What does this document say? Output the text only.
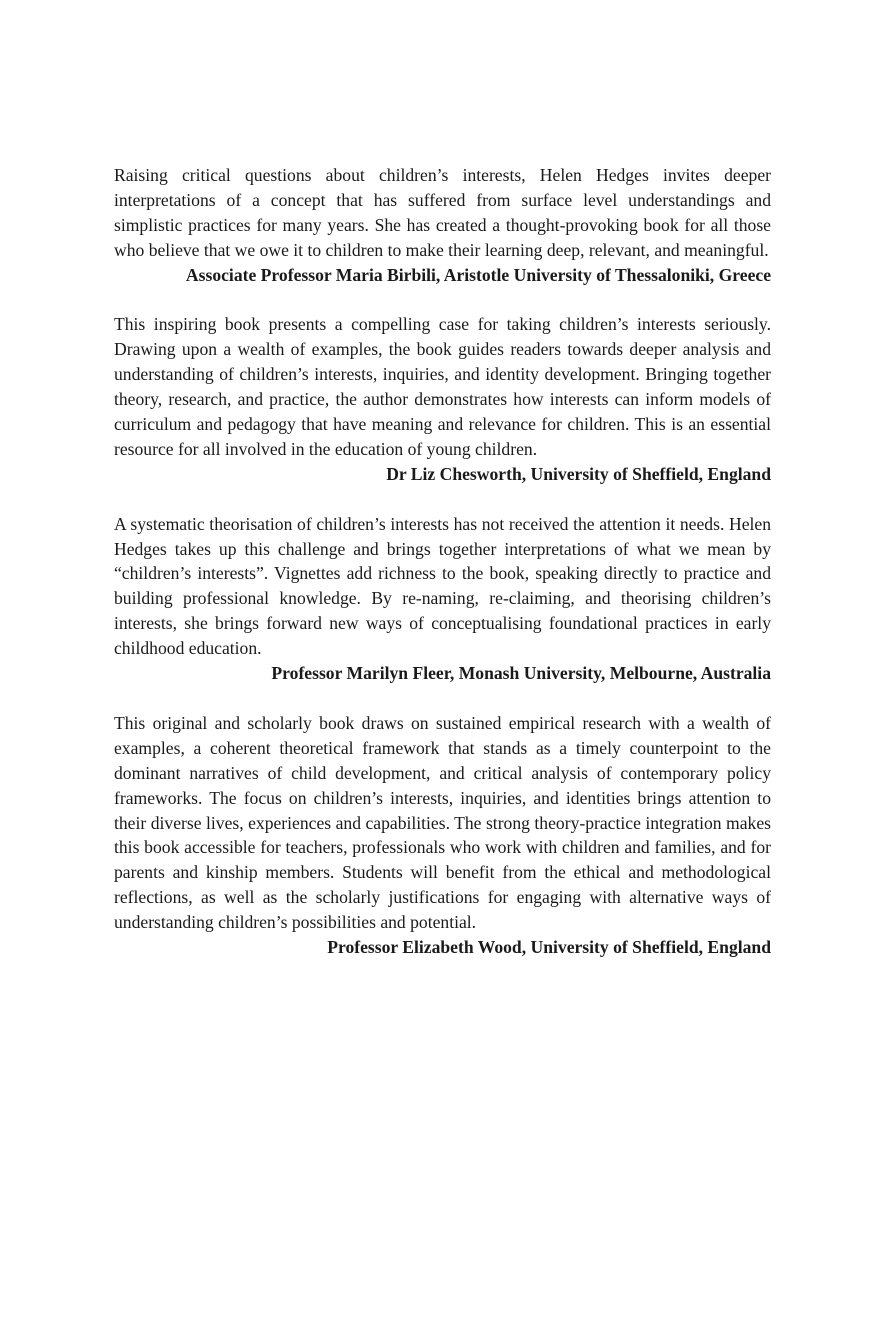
Raising critical questions about children’s interests, Helen Hedges invites deeper interpretations of a concept that has suffered from surface level understandings and simplistic practices for many years. She has created a thought-provoking book for all those who believe that we owe it to children to make their learning deep, relevant, and meaningful.

Associate Professor Maria Birbili, Aristotle University of Thessaloniki, Greece

This inspiring book presents a compelling case for taking children’s interests seriously. Drawing upon a wealth of examples, the book guides readers towards deeper analysis and understanding of children’s interests, inquiries, and identity development. Bringing together theory, research, and practice, the author demonstrates how interests can inform models of curriculum and pedagogy that have meaning and relevance for children. This is an essential resource for all involved in the education of young children.

Dr Liz Chesworth, University of Sheffield, England

A systematic theorisation of children’s interests has not received the attention it needs. Helen Hedges takes up this challenge and brings together interpretations of what we mean by “children’s interests”. Vignettes add richness to the book, speaking directly to practice and building professional knowledge. By re-naming, re-claiming, and theorising children’s interests, she brings forward new ways of conceptualising foundational practices in early childhood education.

Professor Marilyn Fleer, Monash University, Melbourne, Australia

This original and scholarly book draws on sustained empirical research with a wealth of examples, a coherent theoretical framework that stands as a timely counterpoint to the dominant narratives of child development, and critical analysis of contemporary policy frameworks. The focus on children’s interests, inquiries, and identities brings attention to their diverse lives, experiences and capabilities. The strong theory-practice integration makes this book accessible for teachers, professionals who work with children and families, and for parents and kinship members. Students will benefit from the ethical and methodological reflections, as well as the scholarly justifications for engaging with alternative ways of understanding children’s possibilities and potential.

Professor Elizabeth Wood, University of Sheffield, England
